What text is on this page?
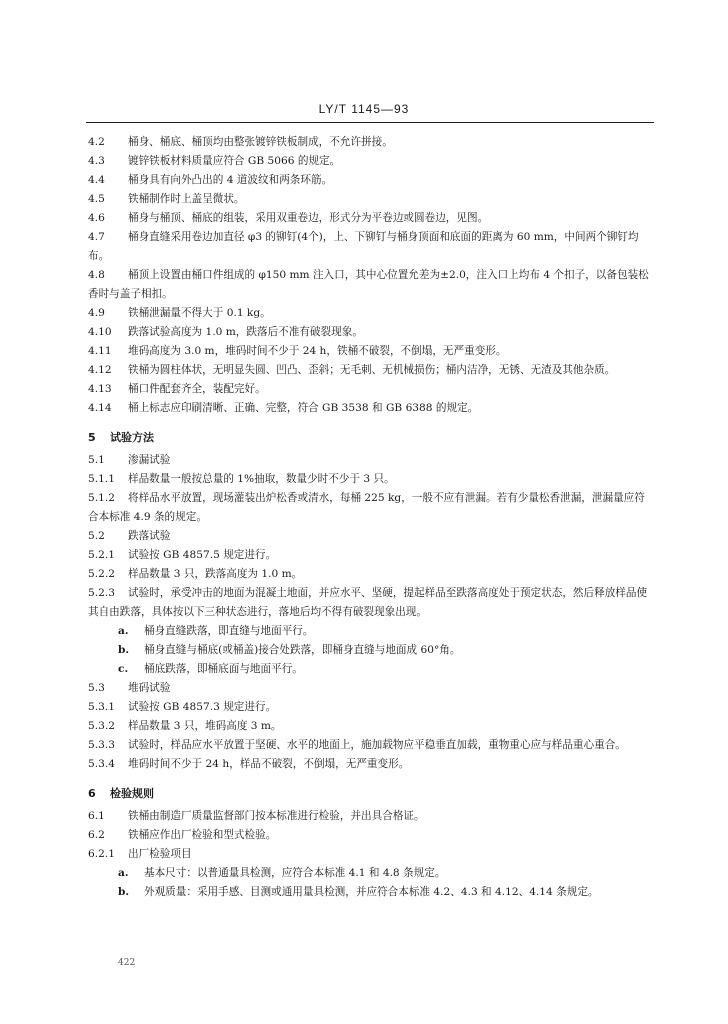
LY/T 1145—93
4.2 桶身、桶底、桶顶均由整张镀锌铁板制成，不允许拼接。
4.3 镀锌铁板材料质量应符合 GB 5066 的规定。
4.4 桶身具有向外凸出的 4 道波纹和两条环筋。
4.5 铁桶制作时上盖呈微状。
4.6 桶身与桶顶、桶底的组装，采用双重卷边，形式分为平卷边或圆卷边，见图。
4.7 桶身直缝采用卷边加直径 φ3 的铆钉(4个)，上、下铆钉与桶身顶面和底面的距离为 60 mm，中间两个铆钉均布。
4.8 桶顶上设置由桶口件组成的 φ150 mm 注入口，其中心位置允差为±2.0，注入口上均布 4 个扣子，以备包装松香时与盖子相扣。
4.9 铁桶泄漏量不得大于 0.1 kg。
4.10 跌落试验高度为 1.0 m，跌落后不准有破裂现象。
4.11 堆码高度为 3.0 m，堆码时间不少于 24 h，铁桶不破裂，不倒塌，无严重变形。
4.12 铁桶为圆柱体状，无明显失圆、凹凸、歪斜；无毛刺、无机械损伤；桶内洁净，无锈、无渣及其他杂质。
4.13 桶口件配套齐全，装配完好。
4.14 桶上标志应印刷清晰、正确、完整，符合 GB 3538 和 GB 6388 的规定。
5 试验方法
5.1 渗漏试验
5.1.1 样品数量一般按总量的 1%抽取，数量少时不少于 3 只。
5.1.2 将样品水平放置，现场灌装出炉松香或清水，每桶 225 kg，一般不应有泄漏。若有少量松香泄漏，泄漏量应符合本标准 4.9 条的规定。
5.2 跌落试验
5.2.1 试验按 GB 4857.5 规定进行。
5.2.2 样品数量 3 只，跌落高度为 1.0 m。
5.2.3 试验时，承受冲击的地面为混凝土地面，并应水平、坚硬，提起样品至跌落高度处于预定状态，然后释放样品使其自由跌落，具体按以下三种状态进行，落地后均不得有破裂现象出现。
a. 桶身直缝跌落，即直缝与地面平行。
b. 桶身直缝与桶底(或桶盖)接合处跌落，即桶身直缝与地面成 60°角。
c. 桶底跌落，即桶底面与地面平行。
5.3 堆码试验
5.3.1 试验按 GB 4857.3 规定进行。
5.3.2 样品数量 3 只，堆码高度 3 m。
5.3.3 试验时，样品应水平放置于坚硬、水平的地面上，施加载物应平稳垂直加载，重物重心应与样品重心重合。
5.3.4 堆码时间不少于 24 h，样品不破裂，不倒塌，无严重变形。
6 检验规则
6.1 铁桶由制造厂质量监督部门按本标准进行检验，并出具合格证。
6.2 铁桶应作出厂检验和型式检验。
6.2.1 出厂检验项目
a. 基本尺寸：以普通量具检测，应符合本标准 4.1 和 4.8 条规定。
b. 外观质量：采用手感、目测或通用量具检测，并应符合本标准 4.2、4.3 和 4.12、4.14 条规定。
422
